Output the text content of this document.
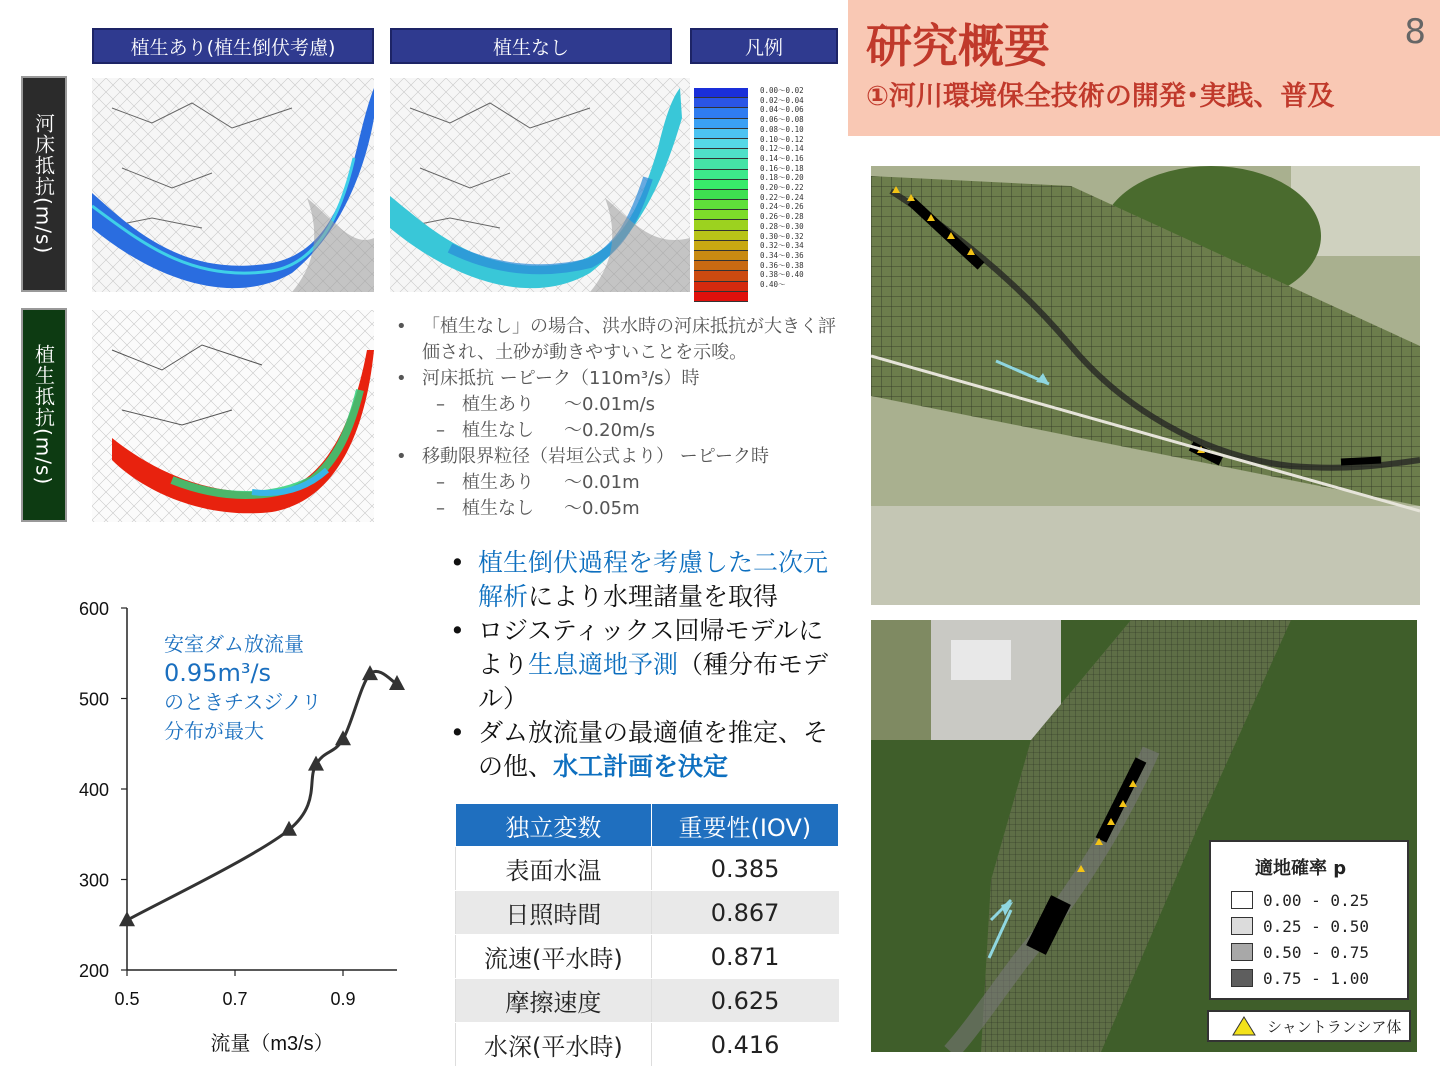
植生あり(植生倒伏考慮)	植生なし	凡例
河床抵抗(m/s)
植生抵抗(m/s)
0.00～0.02
0.02～0.04
0.04～0.06
0.06～0.08
0.08～0.10
0.10～0.12
0.12～0.14
0.14～0.16
0.16～0.18
0.18～0.20
0.20～0.22
0.22～0.24
0.24～0.26
0.26～0.28
0.28～0.30
0.30～0.32
0.32～0.34
0.34～0.36
0.36～0.38
0.38～0.40
0.40～
• 「植生なし」の場合、洪水時の河床抵抗が大きく評価され、土砂が動きやすいことを示唆。
• 河床抵抗 ーピーク（110m³/s）時
– 植生あり ～0.01m/s
– 植生なし ～0.20m/s
• 移動限界粒径（岩垣公式より） ーピーク時
– 植生あり ～0.01m
– 植生なし ～0.05m
研究概要
①河川環境保全技術の開発･実践、普及
8
適地確率 p
0.00 - 0.25
0.25 - 0.50
0.50 - 0.75
0.75 - 1.00
シャントランシア体
200
300
400
500
600
0.5	0.7	0.9
流量（m3/s）
安室ダム放流量
0.95m³/s
のときチスジノリ
分布が最大
• 植生倒伏過程を考慮した二次元解析により水理諸量を取得
• ロジスティックス回帰モデルにより生息適地予測（種分布モデル）
• ダム放流量の最適値を推定、その他、水工計画を決定
独立変数	重要性(IOV)
表面水温	0.385
日照時間	0.867
流速(平水時)	0.871
摩擦速度	0.625
水深(平水時)	0.416
